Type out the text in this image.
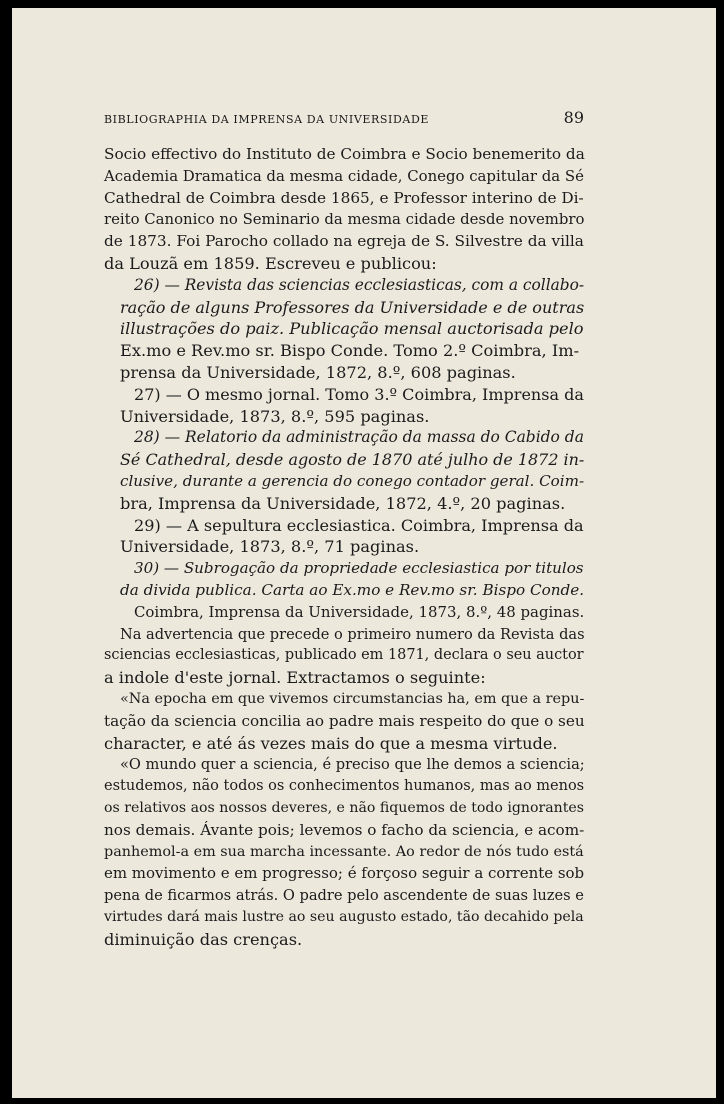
BIBLIOGRAPHIA DA IMPRENSA DA UNIVERSIDADE	89
Socio effectivo do Instituto de Coimbra e Socio benemerito da
Academia Dramatica da mesma cidade, Conego capitular da Sé
Cathedral de Coimbra desde 1865, e Professor interino de Di-
reito Canonico no Seminario da mesma cidade desde novembro
de 1873. Foi Parocho collado na egreja de S. Silvestre da villa
da Louzã em 1859. Escreveu e publicou:
26) — Revista das sciencias ecclesiasticas, com a collabo-
ração de alguns Professores da Universidade e de outras
illustrações do paiz. Publicação mensal auctorisada pelo
Ex.mo e Rev.mo sr. Bispo Conde. Tomo 2.º Coimbra, Im-
prensa da Universidade, 1872, 8.º, 608 paginas.
27) — O mesmo jornal. Tomo 3.º Coimbra, Imprensa da
Universidade, 1873, 8.º, 595 paginas.
28) — Relatorio da administração da massa do Cabido da
Sé Cathedral, desde agosto de 1870 até julho de 1872 in-
clusive, durante a gerencia do conego contador geral. Coim-
bra, Imprensa da Universidade, 1872, 4.º, 20 paginas.
29) — A sepultura ecclesiastica. Coimbra, Imprensa da
Universidade, 1873, 8.º, 71 paginas.
30) — Subrogação da propriedade ecclesiastica por titulos
da divida publica. Carta ao Ex.mo e Rev.mo sr. Bispo Conde.
Coimbra, Imprensa da Universidade, 1873, 8.º, 48 paginas.
Na advertencia que precede o primeiro numero da Revista das
sciencias ecclesiasticas, publicado em 1871, declara o seu auctor
a indole d'este jornal. Extractamos o seguinte:
«Na epocha em que vivemos circumstancias ha, em que a repu-
tação da sciencia concilia ao padre mais respeito do que o seu
character, e até ás vezes mais do que a mesma virtude.
«O mundo quer a sciencia, é preciso que lhe demos a sciencia;
estudemos, não todos os conhecimentos humanos, mas ao menos
os relativos aos nossos deveres, e não fiquemos de todo ignorantes
nos demais. Ávante pois; levemos o facho da sciencia, e acom-
panhemol-a em sua marcha incessante. Ao redor de nós tudo está
em movimento e em progresso; é forçoso seguir a corrente sob
pena de ficarmos atrás. O padre pelo ascendente de suas luzes e
virtudes dará mais lustre ao seu augusto estado, tão decahido pela
diminuição das crenças.
